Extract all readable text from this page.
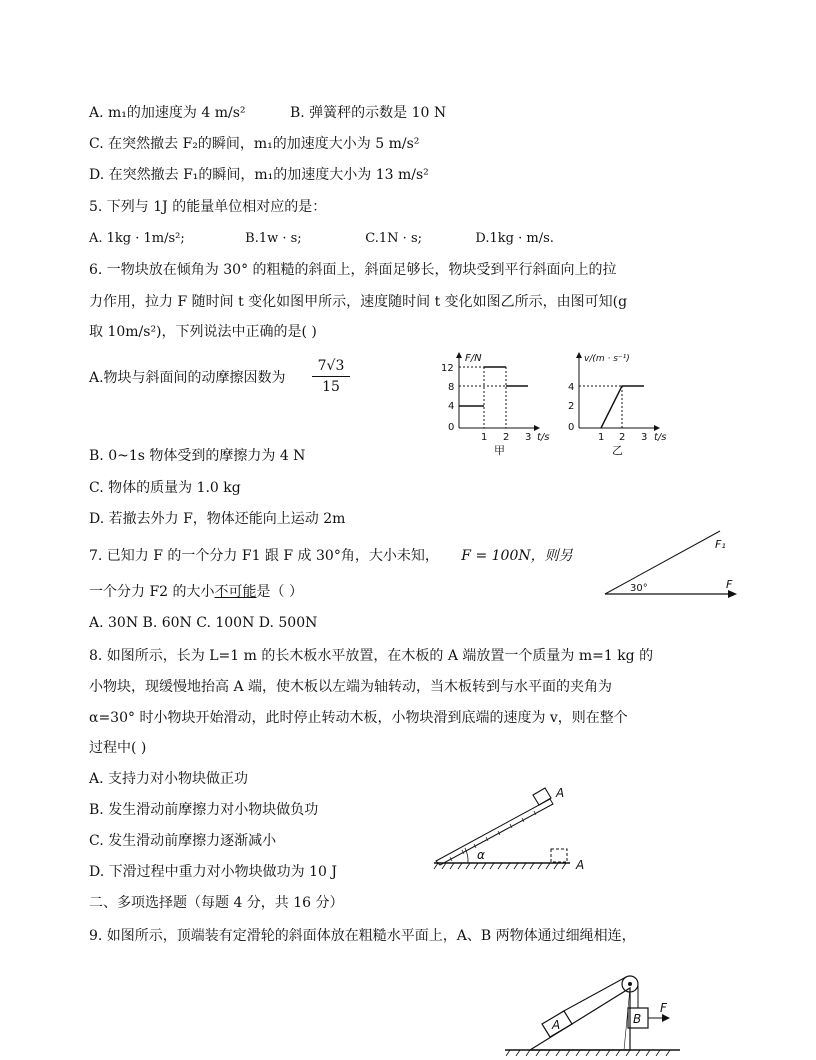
A. m₁的加速度为 4 m/s²	B. 弹簧秤的示数是 10 N
C. 在突然撤去 F₂的瞬间，m₁的加速度大小为 5 m/s²
D. 在突然撤去 F₁的瞬间，m₁的加速度大小为 13 m/s²
5. 下列与 1J 的能量单位相对应的是：
A. 1kg · 1m/s²;	B.1w · s;	C.1N · s;	D.1kg · m/s.
6. 一物块放在倾角为 30° 的粗糙的斜面上，斜面足够长，物块受到平行斜面向上的拉
力作用，拉力 F 随时间 t 变化如图甲所示，速度随时间 t 变化如图乙所示，由图可知(g
取 10m/s²)，下列说法中正确的是( )
A.物块与斜面间的动摩擦因数为 $\frac{7√3}{15}$	F/N
t/s
12
8
4
0
1 2 3
甲
v/(m · s⁻¹)
t/s
4
2
0
1 2 3
乙
B. 0~1s 物体受到的摩擦力为 4 N
C. 物体的质量为 1.0 kg
D. 若撤去外力 F，物体还能向上运动 2m
7. 已知力 F 的一个分力 F1 跟 F 成 30°角，大小未知， F = 100N，则另
一个分力 F2 的大小不可能是（ ）
A. 30N B. 60N C. 100N D. 500N
F₁
F
30°
8. 如图所示，长为 L=1 m 的长木板水平放置，在木板的 A 端放置一个质量为 m=1 kg 的
小物块，现缓慢地抬高 A 端，使木板以左端为轴转动，当木板转到与水平面的夹角为
α=30° 时小物块开始滑动，此时停止转动木板，小物块滑到底端的速度为 v，则在整个
过程中( )
A. 支持力对小物块做正功
B. 发生滑动前摩擦力对小物块做负功
C. 发生滑动前摩擦力逐渐减小
D. 下滑过程中重力对小物块做功为 10 J
α
A
A
二、多项选择题（每题 4 分，共 16 分）
9. 如图所示，顶端装有定滑轮的斜面体放在粗糙水平面上，A、B 两物体通过细绳相连，
A	B
F
